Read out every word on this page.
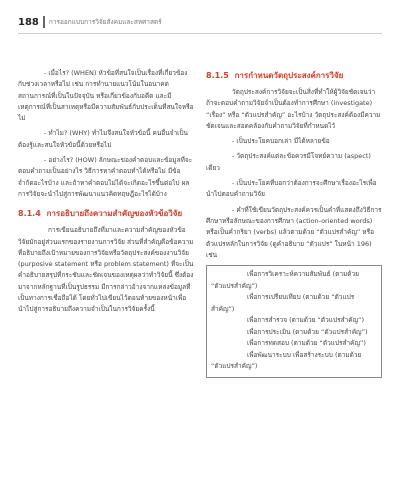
188 การออกแบบการวิจัยสังคมและสหศาสตร์

- เมื่อไร? (WHEN) หัวข้อที่สนใจเป็นเรื่องที่เกี่ยวข้องกับช่วงเวลาหรือไม่ เช่น การทำนายแนวโน้มในอนาคต สถานการณ์ที่เป็นในปัจจุบัน หรือเกี่ยวข้องกับอดีต และมีเหตุการณ์ที่เป็นสาเหตุหรือมีความสัมพันธ์กับประเด็นที่สนใจหรือไม่

- ทำไม? (WHY) ทำไมจึงสนใจหัวข้อนี้ คนอื่นจำเป็นต้องรู้และสนใจหัวข้อนี้ด้วยหรือไม่

- อย่างไร? (HOW) ลักษณะของคำตอบและข้อมูลที่จะตอบคำถามเป็นอย่างไร วิธีการหาคำตอบทำได้หรือไม่ มีข้อจำกัดอะไรบ้าง และถ้าหาคำตอบไม่ได้จะเกิดอะไรขึ้นต่อไป ผลการวิจัยจะนำไปสู่การพัฒนาแนวคิดทฤษฎีอะไรได้บ้าง

8.1.4 การอธิบายถึงความสำคัญของหัวข้อวิจัย

การเขียนอธิบายถึงที่มาและความสำคัญของหัวข้อวิจัยมักอยู่ส่วนแรกของรายงานการวิจัย ส่วนที่สำคัญคือข้อความที่อธิบายถึงเป้าหมายของการวิจัยหรือวัตถุประสงค์ของงานวิจัย (purposive statement หรือ problem statement) ที่จะเป็นคำอธิบายสรุปที่กระชับและชัดเจนของเหตุผลว่าทำวิจัยนี้ ซึ่งต้องมาจากหลักฐานที่เป็นรูปธรรม มีการกล่าวอ้างจากแหล่งข้อมูลที่เป็นทางการเชื่อถือได้ โดยทั่วไปเขียนไว้ตอนท้ายของหน้าเพื่อนำไปสู่การอธิบายถึงความจำเป็นในการวิจัยครั้งนี้

8.1.5 การกำหนดวัตถุประสงค์การวิจัย

วัตถุประสงค์การวิจัยจะเป็นสิ่งที่ทำให้ผู้วิจัยชัดเจนว่า ถ้าจะตอบคำถามวิจัยจำเป็นต้องทำการศึกษา (investigate) “เรื่อง” หรือ “ตัวแปรสำคัญ” อะไรบ้าง วัตถุประสงค์ต้องมีความชัดเจนและสอดคล้องกับคำถามวิจัยที่กำหนดไว้

- เป็นประโยคบอกเล่า มีได้หลายข้อ

- วัตถุประสงค์แต่ละข้อควรมีโจทย์ความ (aspect) เดียว

- เป็นประโยคที่บอกว่าต้องการจะศึกษาเรื่องอะไรเพื่อนำไปตอบคำถามวิจัย

- คำที่ใช้เขียนวัตถุประสงค์ควรเป็นคำที่แสดงถึงวิธีการศึกษาหรือลักษณะของการศึกษา (action-oriented words) หรือเป็นคำกริยา (verbs) แล้วตามด้วย “ตัวแปรสำคัญ” หรือตัวแปรหลักในการวิจัย (ดูคำอธิบาย “ตัวแปร” ในหน้า 196) เช่น

เพื่อการวิเคราะห์ความสัมพันธ์ (ตามด้วย
“ตัวแปรสำคัญ”)
เพื่อการเปรียบเทียบ (ตามด้วย “ตัวแปร
สำคัญ”)
เพื่อการสำรวจ (ตามด้วย “ตัวแปรสำคัญ”)
เพื่อการประเมิน (ตามด้วย “ตัวแปรสำคัญ”)
เพื่อการทดสอบ (ตามด้วย “ตัวแปรสำคัญ”)
เพื่อพัฒนาระบบ เพื่อสร้างระบบ (ตามด้วย
“ตัวแปรสำคัญ”)
